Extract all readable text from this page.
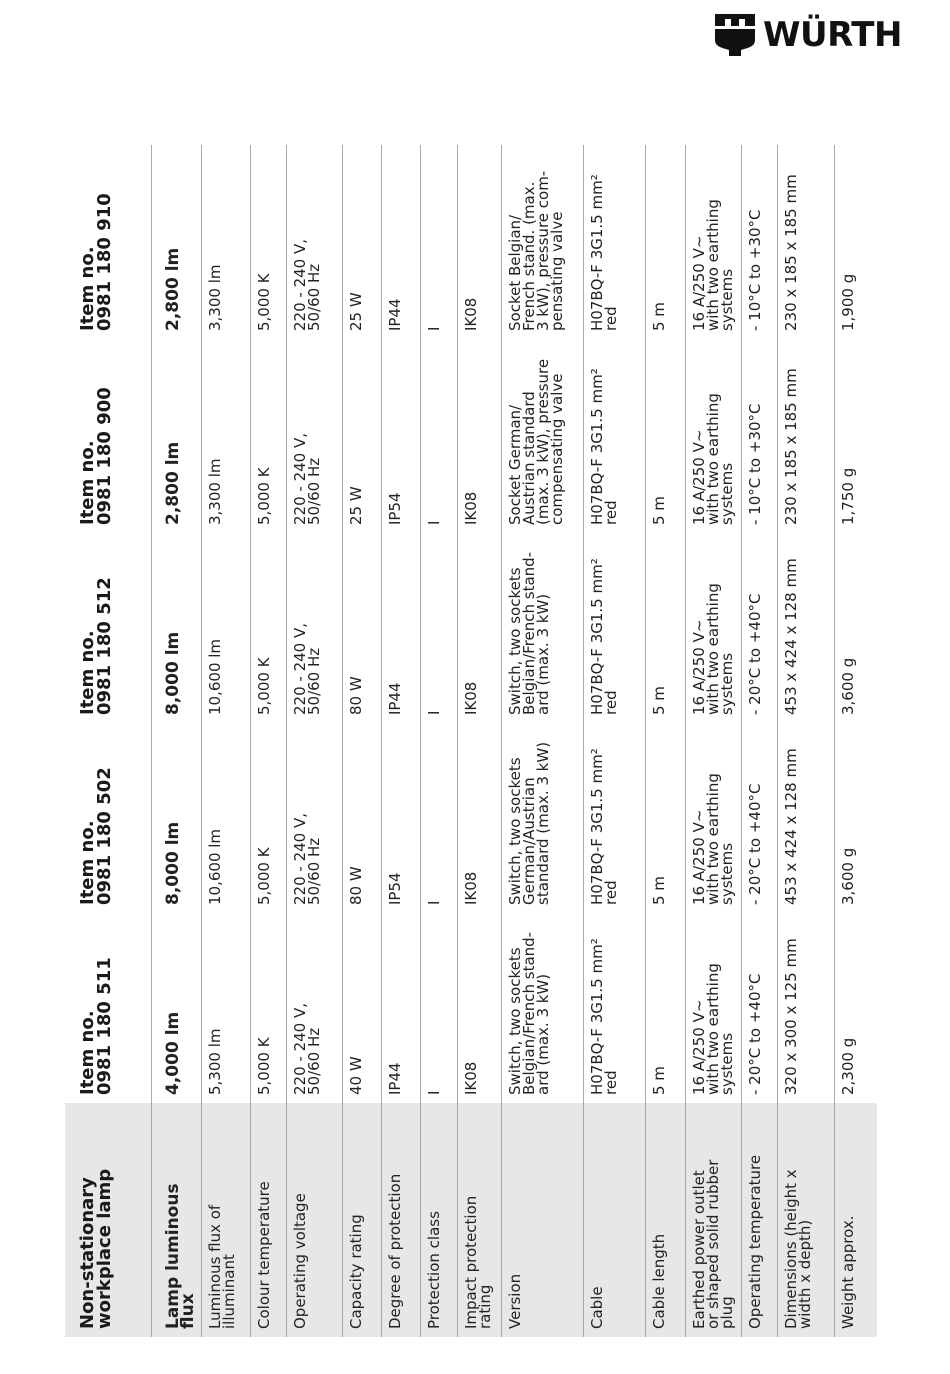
WÜRTH
Non-stationary
workplace lamp	Item no.
0981 180 511	Item no.
0981 180 502	Item no.
0981 180 512	Item no.
0981 180 900	Item no.
0981 180 910

Lamp luminous
flux	4,000 lm	8,000 lm	8,000 lm	2,800 lm	2,800 lm

Luminous flux of
illuminant	5,300 lm	10,600 lm	10,600 lm	3,300 lm	3,300 lm

Colour temperature	5,000 K	5,000 K	5,000 K	5,000 K	5,000 K

Operating voltage	220 - 240 V,
50/60 Hz	220 - 240 V,
50/60 Hz	220 - 240 V,
50/60 Hz	220 - 240 V,
50/60 Hz	220 - 240 V,
50/60 Hz

Capacity rating	40 W	80 W	80 W	25 W	25 W

Degree of protection	IP44	IP54	IP44	IP54	IP44

Protection class	I	I	I	I	I

Impact protection
rating	IK08	IK08	IK08	IK08	IK08

Version	Switch, two sockets
Belgian/French stand-
ard (max. 3 kW)	Switch, two sockets
German/Austrian
standard (max. 3 kW)	Switch, two sockets
Belgian/French stand-
ard (max. 3 kW)	Socket German/
Austrian standard
(max. 3 kW), pressure
compensating valve	Socket Belgian/
French stand. (max.
3 kW), pressure com-
pensating valve

Cable	H07BQ-F 3G1.5 mm²
red	H07BQ-F 3G1.5 mm²
red	H07BQ-F 3G1.5 mm²
red	H07BQ-F 3G1.5 mm²
red	H07BQ-F 3G1.5 mm²
red

Cable length	5 m	5 m	5 m	5 m	5 m

Earthed power outlet
or shaped solid rubber
plug	16 A/250 V~
with two earthing
systems	16 A/250 V~
with two earthing
systems	16 A/250 V~
with two earthing
systems	16 A/250 V~
with two earthing
systems	16 A/250 V~
with two earthing
systems

Operating temperature	- 20°C to +40°C	- 20°C to +40°C	- 20°C to +40°C	- 10°C to +30°C	- 10°C to +30°C

Dimensions (height x
width x depth)	320 x 300 x 125 mm	453 x 424 x 128 mm	453 x 424 x 128 mm	230 x 185 x 185 mm	230 x 185 x 185 mm

Weight approx.	2,300 g	3,600 g	3,600 g	1,750 g	1,900 g
